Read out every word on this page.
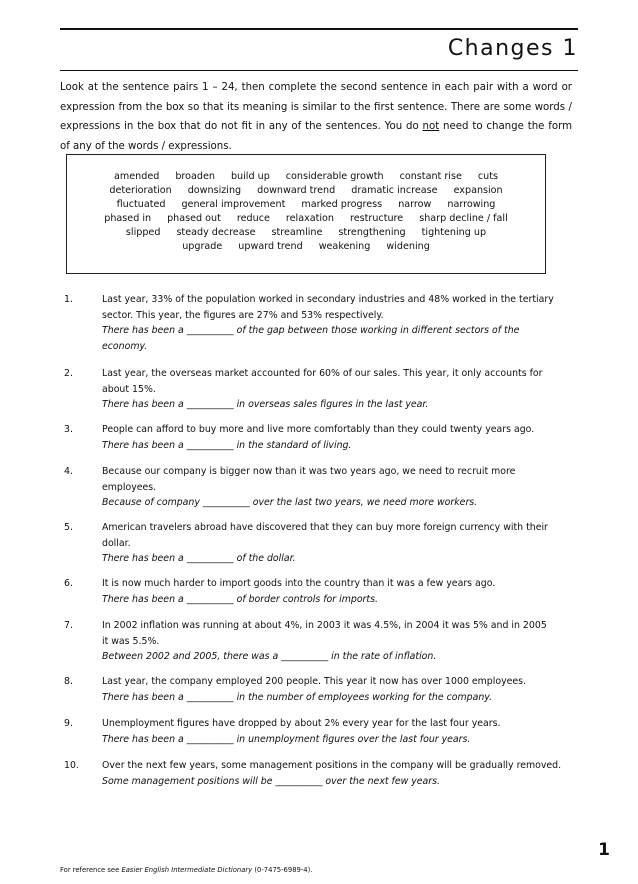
Changes 1
Look at the sentence pairs 1 – 24, then complete the second sentence in each pair with a word or expression from the box so that its meaning is similar to the first sentence. There are some words / expressions in the box that do not fit in any of the sentences. You do not need to change the form of any of the words / expressions.
amended broaden build up considerable growth constant rise cuts
deterioration downsizing downward trend dramatic increase expansion
fluctuated general improvement marked progress narrow narrowing
phased in phased out reduce relaxation restructure sharp decline / fall
slipped steady decrease streamline strengthening tightening up
upgrade upward trend weakening widening
1.	Last year, 33% of the population worked in secondary industries and 48% worked in the tertiary
sector. This year, the figures are 27% and 53% respectively.
There has been a __________ of the gap between those working in different sectors of the
economy.
2.	Last year, the overseas market accounted for 60% of our sales. This year, it only accounts for
about 15%.
There has been a __________ in overseas sales figures in the last year.
3.	People can afford to buy more and live more comfortably than they could twenty years ago.
There has been a __________ in the standard of living.
4.	Because our company is bigger now than it was two years ago, we need to recruit more
employees.
Because of company __________ over the last two years, we need more workers.
5.	American travelers abroad have discovered that they can buy more foreign currency with their
dollar.
There has been a __________ of the dollar.
6.	It is now much harder to import goods into the country than it was a few years ago.
There has been a __________ of border controls for imports.
7.	In 2002 inflation was running at about 4%, in 2003 it was 4.5%, in 2004 it was 5% and in 2005
it was 5.5%.
Between 2002 and 2005, there was a __________ in the rate of inflation.
8.	Last year, the company employed 200 people. This year it now has over 1000 employees.
There has been a __________ in the number of employees working for the company.
9.	Unemployment figures have dropped by about 2% every year for the last four years.
There has been a __________ in unemployment figures over the last four years.
10. Over the next few years, some management positions in the company will be gradually removed.
Some management positions will be __________ over the next few years.
1
For reference see Easier English Intermediate Dictionary (0-7475-6989-4).
